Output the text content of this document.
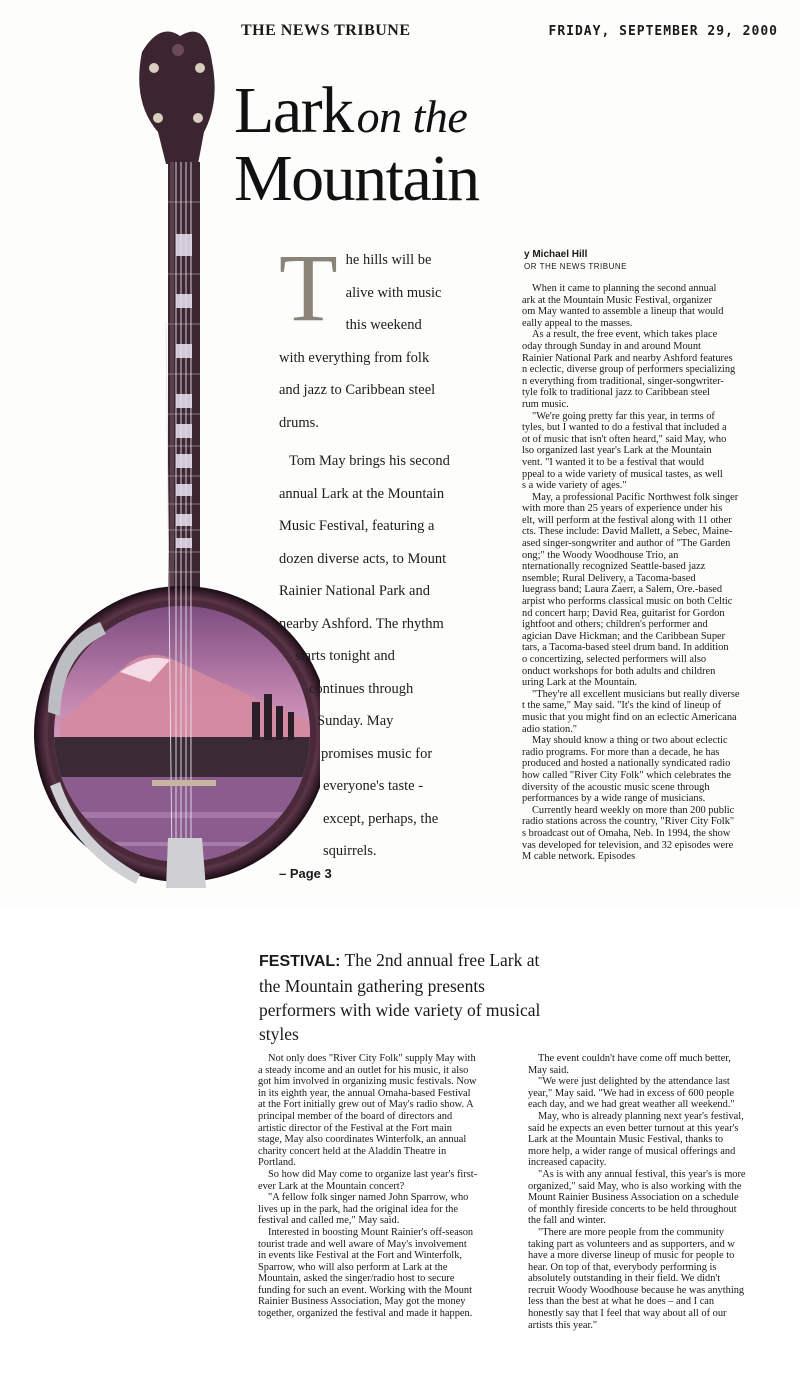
THE NEWS TRIBUNE	FRIDAY, SEPTEMBER 29, 2000
Lark on the
Mountain
T he hills will be
alive with music
this weekend
with everything from folk
and jazz to Caribbean steel
drums.

Tom May brings his second
annual Lark at the Mountain
Music Festival, featuring a
dozen diverse acts, to Mount
Rainier National Park and
nearby Ashford. The rhythm
starts tonight and
continues through
Sunday. May
promises music for
everyone's taste -
except, perhaps, the
squirrels.

– Page 3
y Michael Hill
OR THE NEWS TRIBUNE

When it came to planning the second annual
ark at the Mountain Music Festival, organizer
om May wanted to assemble a lineup that would
eally appeal to the masses.

As a result, the free event, which takes place
oday through Sunday in and around Mount
Rainier National Park and nearby Ashford features
n eclectic, diverse group of performers specializing
n everything from traditional, singer-songwriter-
tyle folk to traditional jazz to Caribbean steel
rum music.

"We're going pretty far this year, in terms of
tyles, but I wanted to do a festival that included a
ot of music that isn't often heard," said May, who
lso organized last year's Lark at the Mountain
vent. "I wanted it to be a festival that would
ppeal to a wide variety of musical tastes, as well
s a wide variety of ages."

May, a professional Pacific Northwest folk singer
with more than 25 years of experience under his
elt, will perform at the festival along with 11 other
cts. These include: David Mallett, a Sebec, Maine-
ased singer-songwriter and author of "The Garden
ong;" the Woody Woodhouse Trio, an
nternationally recognized Seattle-based jazz
nsemble; Rural Delivery, a Tacoma-based
luegrass band; Laura Zaerr, a Salem, Ore.-based
arpist who performs classical music on both Celtic
nd concert harp; David Rea, guitarist for Gordon
ightfoot and others; children's performer and
agician Dave Hickman; and the Caribbean Super
tars, a Tacoma-based steel drum band. In addition
o concertizing, selected performers will also
onduct workshops for both adults and children
uring Lark at the Mountain.

"They're all excellent musicians but really diverse
t the same," May said. "It's the kind of lineup of
music that you might find on an eclectic Americana
adio station."

May should know a thing or two about eclectic
radio programs. For more than a decade, he has
produced and hosted a nationally syndicated radio
how called "River City Folk" which celebrates the
diversity of the acoustic music scene through
performances by a wide range of musicians.

Currently heard weekly on more than 200 public
radio stations across the country, "River City Folk"
s broadcast out of Omaha, Neb. In 1994, the show
vas developed for television, and 32 episodes were
M cable network. Episodes

FESTIVAL: The 2nd annual free Lark at the Mountain gathering presents performers with wide variety of musical styles

Not only does "River City Folk" supply May with
a steady income and an outlet for his music, it also
got him involved in organizing music festivals. Now
in its eighth year, the annual Omaha-based Festival
at the Fort initially grew out of May's radio show. A
principal member of the board of directors and
artistic director of the Festival at the Fort main
stage, May also coordinates Winterfolk, an annual
charity concert held at the Aladdin Theatre in
Portland.

So how did May come to organize last year's first-
ever Lark at the Mountain concert?

"A fellow folk singer named John Sparrow, who
lives up in the park, had the original idea for the
festival and called me," May said.

Interested in boosting Mount Rainier's off-season
tourist trade and well aware of May's involvement
in events like Festival at the Fort and Winterfolk,
Sparrow, who will also perform at Lark at the
Mountain, asked the singer/radio host to secure
funding for such an event. Working with the Mount
Rainier Business Association, May got the money
together, organized the festival and made it happen.

The event couldn't have come off much better,
May said.

"We were just delighted by the attendance last
year," May said. "We had in excess of 600 people
each day, and we had great weather all weekend."

May, who is already planning next year's festival,
said he expects an even better turnout at this year's
Lark at the Mountain Music Festival, thanks to
more help, a wider range of musical offerings and
increased capacity.

"As is with any annual festival, this year's is more
organized," said May, who is also working with the
Mount Rainier Business Association on a schedule
of monthly fireside concerts to be held throughout
the fall and winter.

"There are more people from the community
taking part as volunteers and as supporters, and w
have a more diverse lineup of music for people to
hear. On top of that, everybody performing is
absolutely outstanding in their field. We didn't
recruit Woody Woodhouse because he was anything
less than the best at what he does – and I can
honestly say that I feel that way about all of our
artists this year."
